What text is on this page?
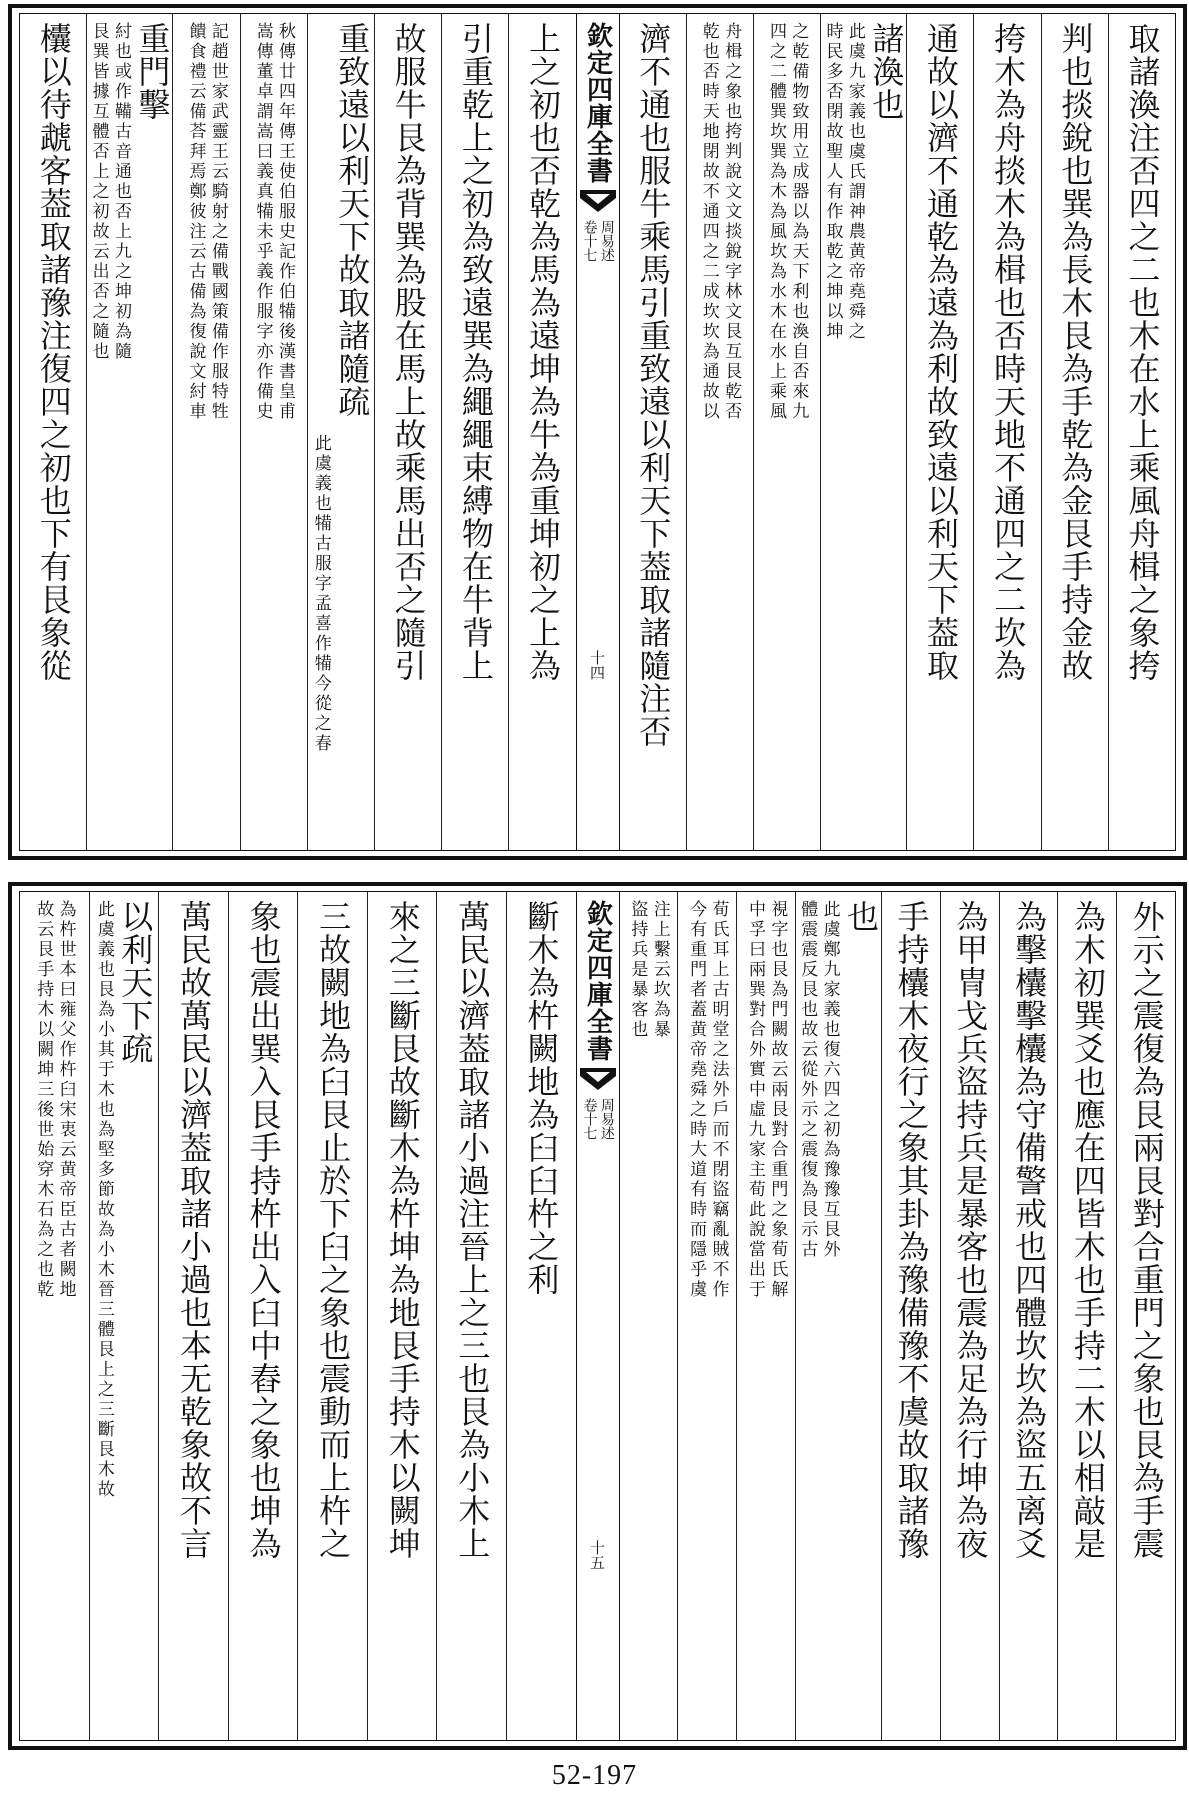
取諸渙注否四之二也木在水上乘風舟楫之象挎
判也掞銳也巽為長木艮為手乾為金艮手持金故
挎木為舟掞木為楫也否時天地不通四之二坎為
通故以濟不通乾為遠為利故致遠以利天下葢取
諸渙也
此虞九家義也虞氏謂神農黄帝堯舜之
時民多否閉故聖人有作取乾之坤以坤
之乾備物致用立成器以為天下利也渙自否來九
四之二體巽坎巽為木為風坎為水木在水上乘風
舟楫之象也挎判說文文掞銳字林文艮互艮乾否
乾也否時天地閉故不通四之二成坎坎為通故以
濟不通也服牛乘馬引重致遠以利天下葢取諸隨注否
欽定四庫全書
周易述
卷十七
十四
上之初也否乾為馬為遠坤為牛為重坤初之上為
引重乾上之初為致遠巽為繩繩束縛物在牛背上
故服牛艮為背巽為股在馬上故乘馬出否之隨引
重致遠以利天下故取諸隨疏
此虞義也犕古服字孟喜作犕今從之春
秋傳廿四年傳王使伯服史記作伯犕後漢書皇甫
嵩傳董卓謂嵩曰義真犕未乎義作服字亦作備史
記趙世家武靈王云騎射之備戰國策備作服特牲
饋食禮云備荅拜焉鄭彼注云古備為復說文紂車
重門擊
紂也或作鞴古音通也否上九之坤初為隨
艮巽皆據互體否上之初故云出否之隨也
欜以待虣客葢取諸豫注復四之初也下有艮象從
外示之震復為艮兩艮對合重門之象也艮為手震
為木初巽爻也應在四皆木也手持二木以相敲是
為擊欜擊欜為守備警戒也四體坎坎為盜五离爻
為甲冑戈兵盜持兵是暴客也震為足為行坤為夜
手持欜木夜行之象其卦為豫備豫不虞故取諸豫
也
此虞鄭九家義也復六四之初為豫豫互艮外
體震震反艮也故云從外示之震復為艮示古
視字也艮為門闕故云兩艮對合重門之象荀氏解
中孚曰兩巽對合外實中虛九家主荀此說當出于
荀氏耳上古明堂之法外戶而不閉盜竊亂賊不作
今有重門者蓋黄帝堯舜之時大道有時而隱乎虞
注上繫云坎為暴
盜持兵是暴客也
欽定四庫全書
周易述
卷十七
十五
斷木為杵闕地為臼臼杵之利
萬民以濟葢取諸小過注晉上之三也艮為小木上
來之三斷艮故斷木為杵坤為地艮手持木以闕坤
三故闕地為臼艮止於下臼之象也震動而上杵之
象也震出巽入艮手持杵出入臼中舂之象也坤為
萬民故萬民以濟葢取諸小過也本无乾象故不言
以利天下疏
此虞義也艮為小其于木也為堅多節故為小木晉三體艮上之三斷艮木故
為杵世本曰雍父作杵臼宋衷云黄帝臣古者闕地
故云艮手持木以闕坤三後世始穿木石為之也乾
52-197
